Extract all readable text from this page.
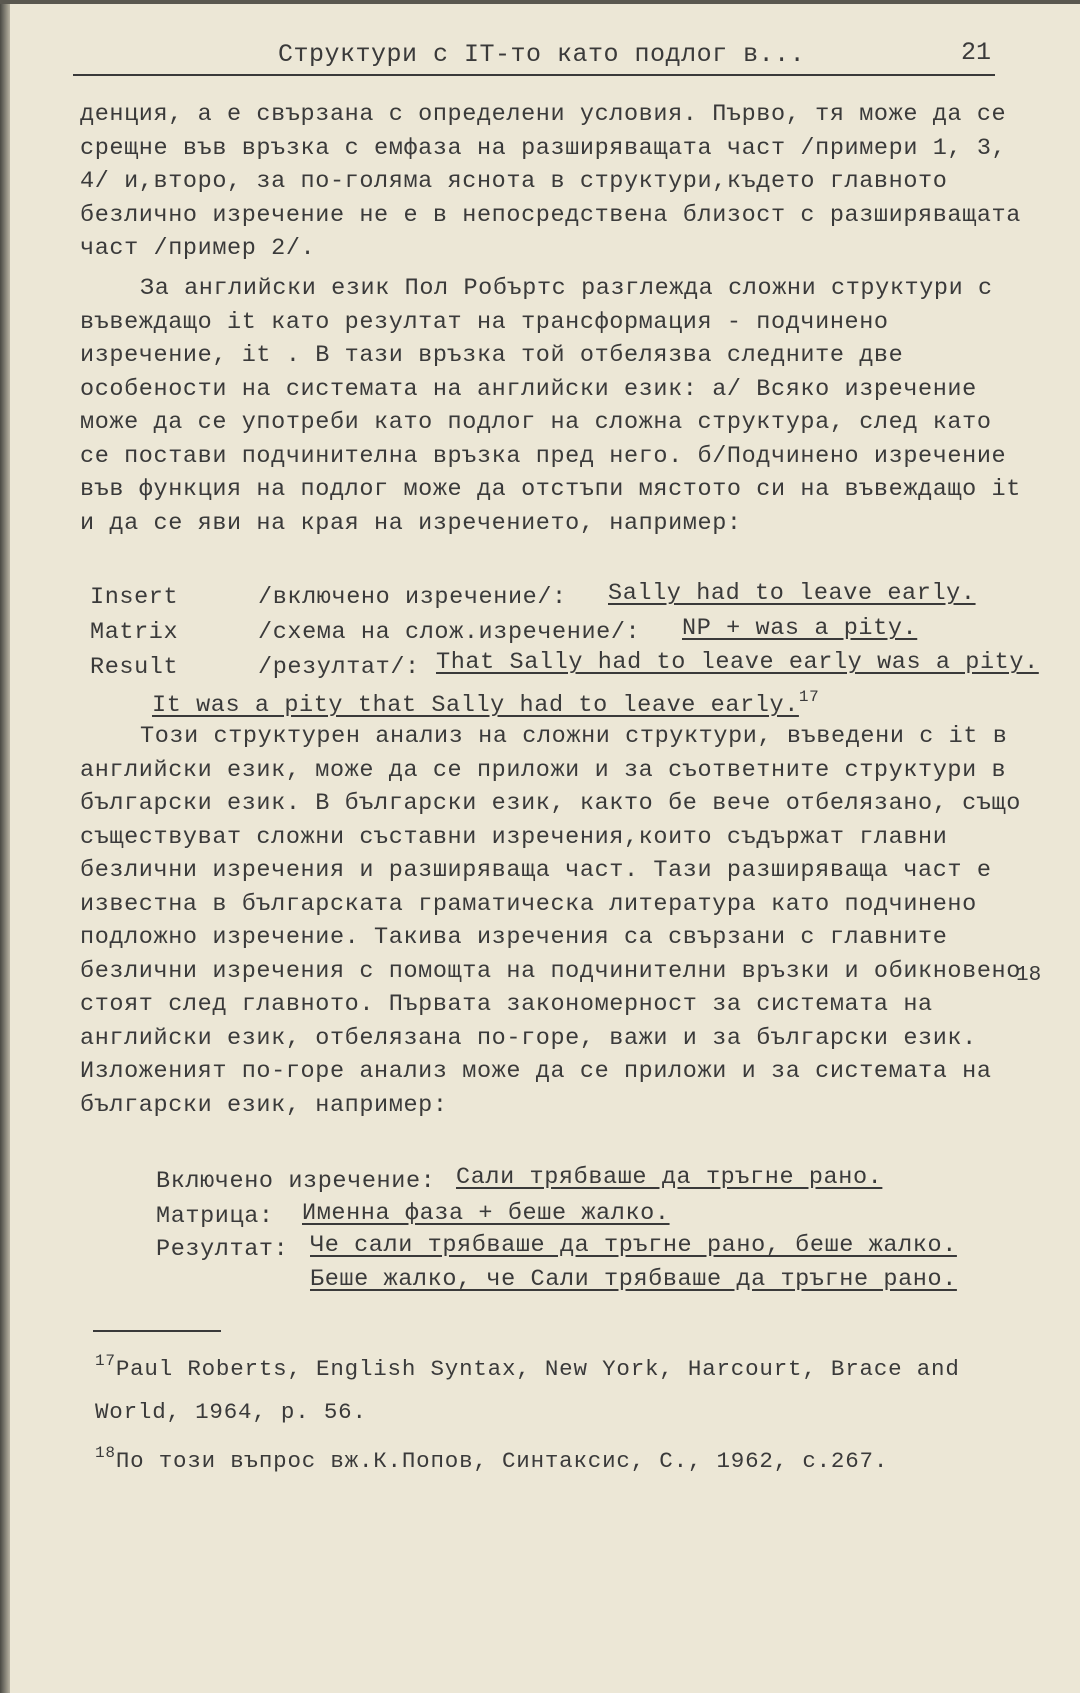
Структури с IT-то като подлог в...	21

денция, а е свързана с определени условия. Първо, тя може да се срещне във връзка с емфаза на разширяващата част /примери 1, 3, 4/ и,второ, за по-голяма яснота в структури,където главното безлично изречение не е в непосредствена близост с разширяващата част /пример 2/.

За английски език Пол Робъртс разглежда сложни структури с въвеждащо it като резултат на трансформация - подчинено изречение, it . В тази връзка той отбелязва следните две особености на системата на английски език: а/ Всяко изречение може да се употреби като подлог на сложна структура, след като се постави подчинителна връзка пред него. б/Подчинено изречение във функция на подлог може да отстъпи мястото си на въвеждащо it и да се яви на края на изречението, например:

Insert	/включено изречение/: Sally had to leave early.
Matrix	/схема на слож.изречение/: NP + was a pity.
Result	/резултат/: That Sally had to leave early was a pity.
It was a pity that Sally had to leave early.$^{17}$

Този структурен анализ на сложни структури, въведени с it в английски език, може да се приложи и за съответните структури в български език. В български език, както бе вече отбелязано, също съществуват сложни съставни изречения,които съдържат главни безлични изречения и разширяваща част. Тази разширяваща част е известна в българската граматическа литература като подчинено подложно изречение. Такива изречения са свързани с главните безлични изречения с помощта на подчинителни връзки и обикновено стоят след главното. Първата закономерност за системата на английски език, отбелязана по-горе, важи и за български език. Изложеният по-горе анализ може да се приложи и за системата на български език, например:

18
Включено изречение: Сали трябваше да тръгне рано.
Матрица: Именна фаза + беше жалко.
Резултат: Че сали трябваше да тръгне рано, беше жалко.
Беше жалко, че Сали трябваше да тръгне рано.

$^{17}$Paul Roberts, English Syntax, New York, Harcourt, Brace and World, 1964, p. 56.

$^{18}$По този въпрос вж.К.Попов, Синтаксис, С., 1962, с.267.
